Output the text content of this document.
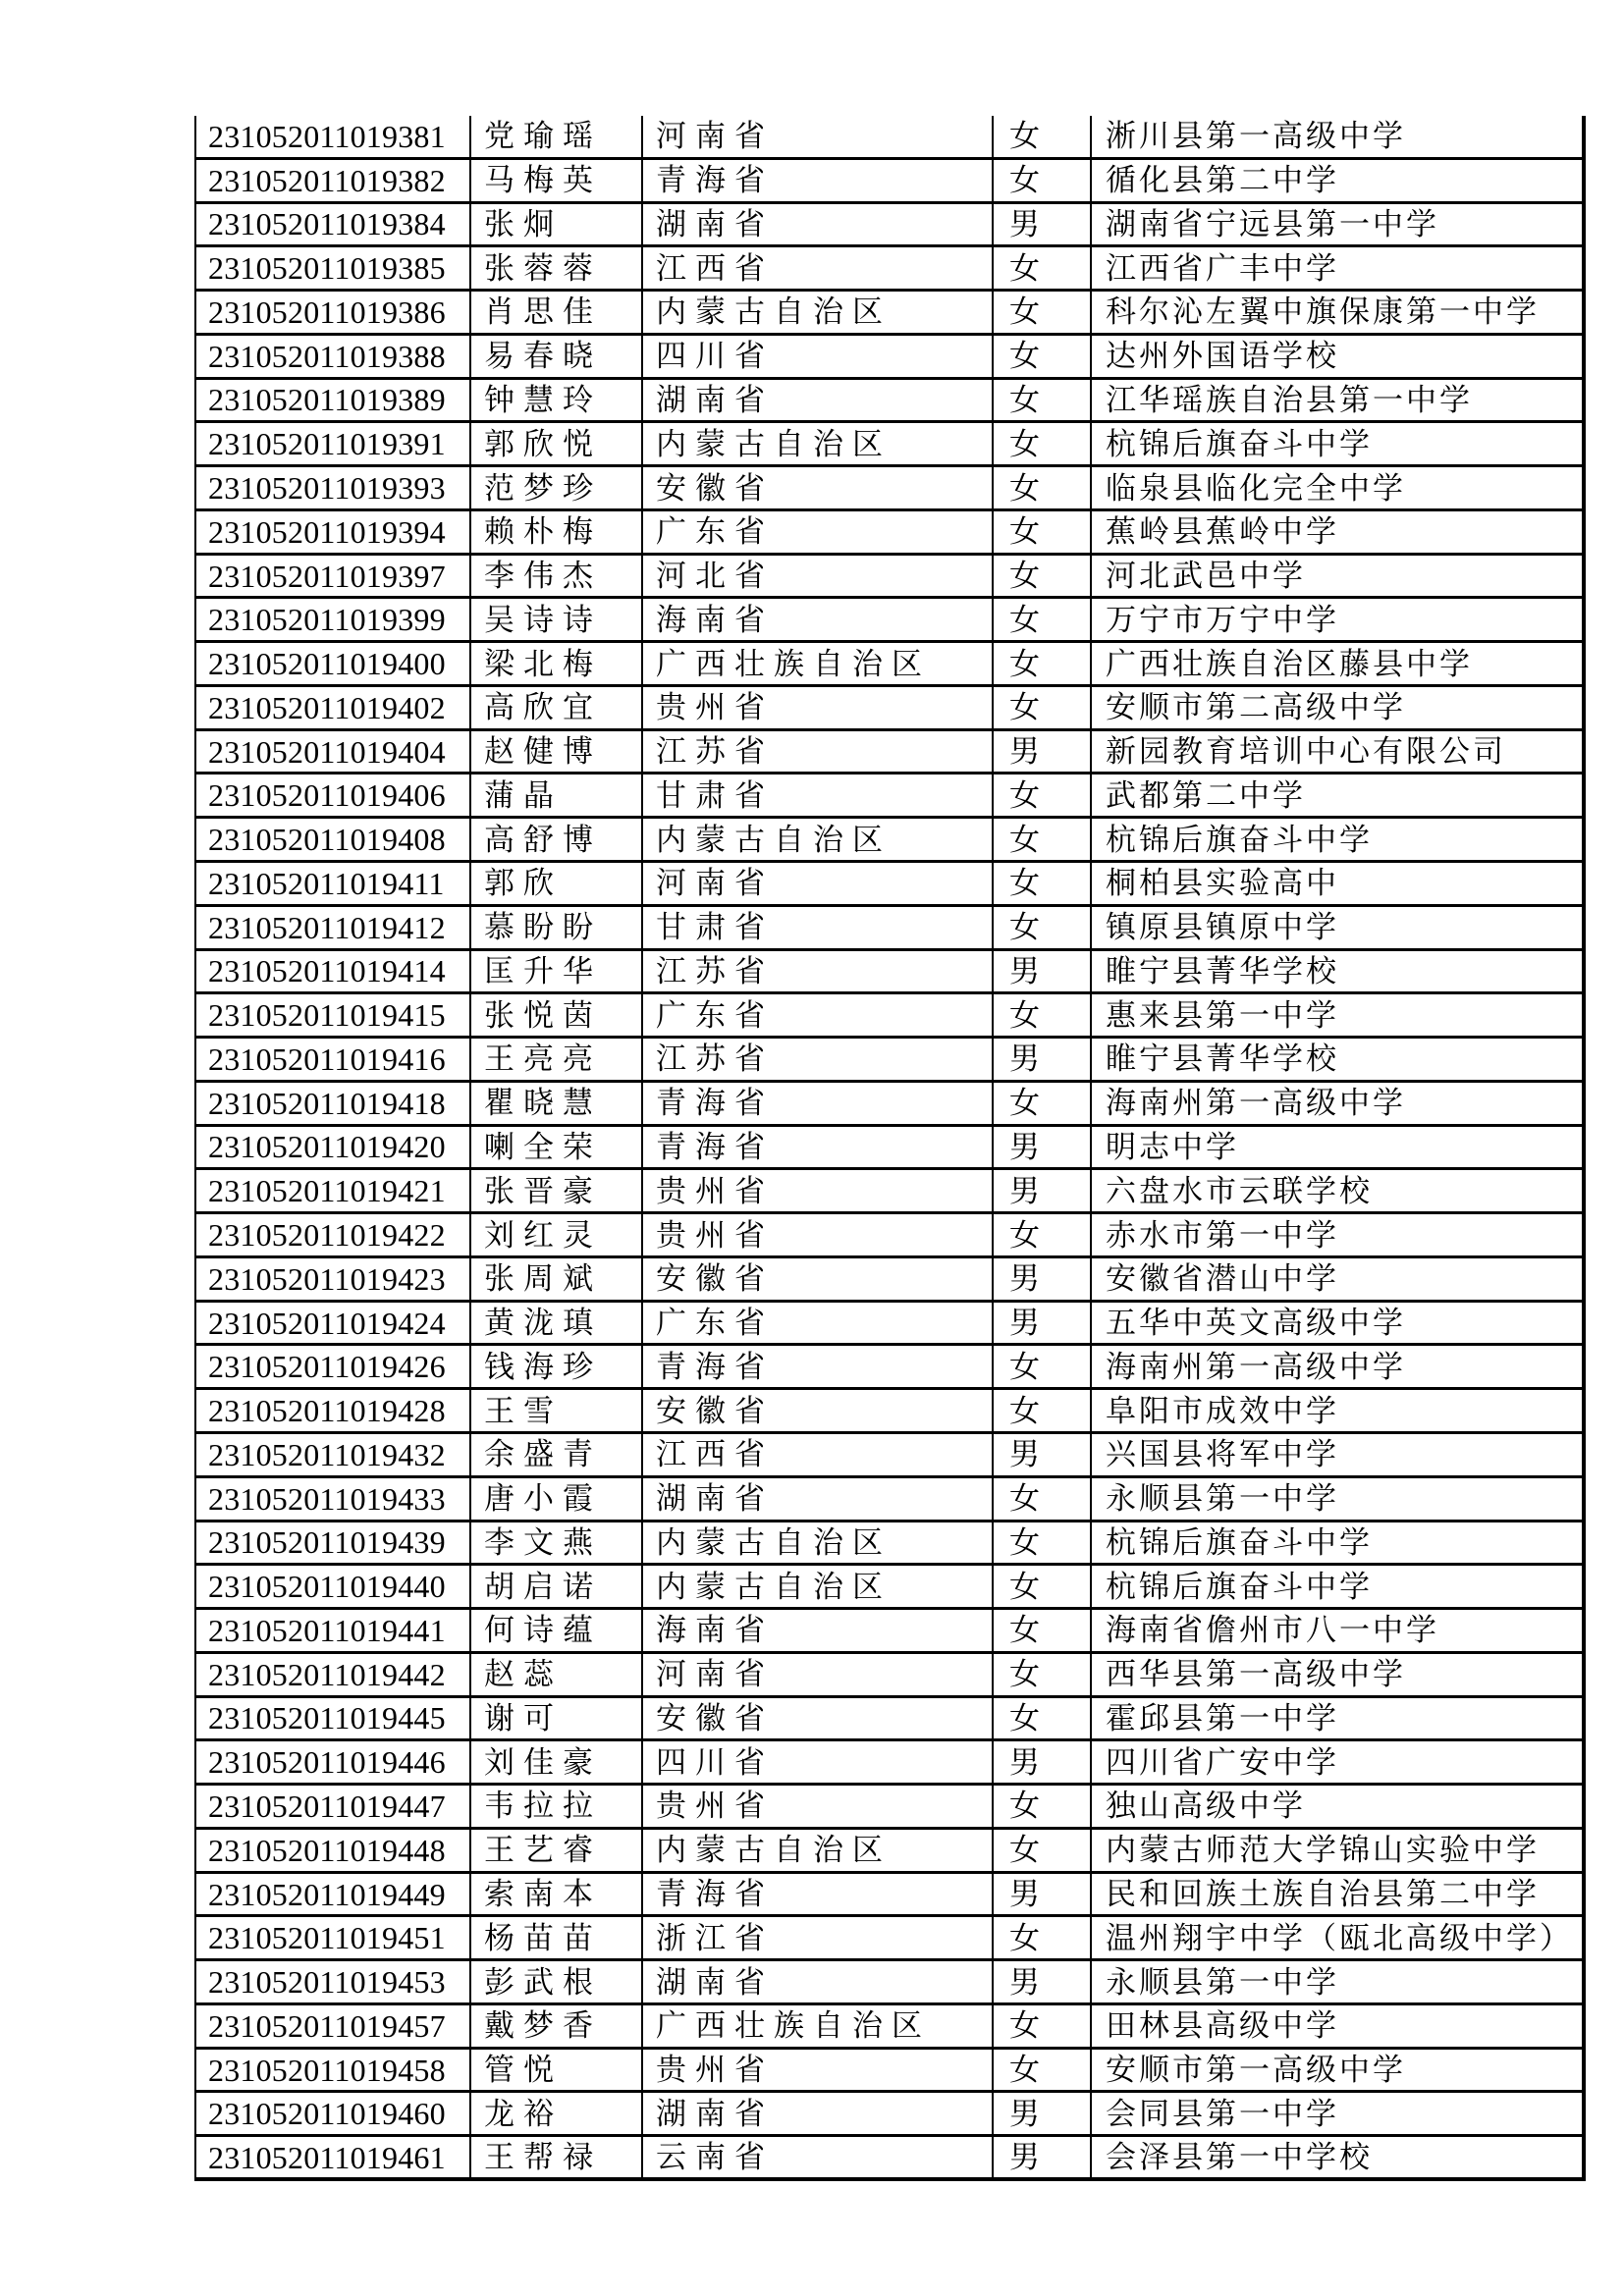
231052011019381 党瑜瑶 河南省	女 淅川县第一高级中学
231052011019382 马梅英 青海省	女 循化县第二中学
231052011019384 张炯	湖南省	男 湖南省宁远县第一中学
231052011019385 张蓉蓉 江西省	女 江西省广丰中学
231052011019386 肖思佳 内蒙古自治区	女 科尔沁左翼中旗保康第一中学
231052011019388 易春晓 四川省	女 达州外国语学校
231052011019389 钟慧玲 湖南省	女 江华瑶族自治县第一中学
231052011019391 郭欣悦 内蒙古自治区	女 杭锦后旗奋斗中学
231052011019393 范梦珍 安徽省	女 临泉县临化完全中学
231052011019394 赖朴梅 广东省	女 蕉岭县蕉岭中学
231052011019397 李伟杰 河北省	女 河北武邑中学
231052011019399 吴诗诗 海南省	女 万宁市万宁中学
231052011019400 梁北梅 广西壮族自治区	女 广西壮族自治区藤县中学
231052011019402 高欣宜 贵州省	女 安顺市第二高级中学
231052011019404 赵健博 江苏省	男 新园教育培训中心有限公司
231052011019406 蒲晶	甘肃省	女 武都第二中学
231052011019408 高舒博 内蒙古自治区	女 杭锦后旗奋斗中学
231052011019411 郭欣	河南省	女 桐柏县实验高中
231052011019412 慕盼盼 甘肃省	女 镇原县镇原中学
231052011019414 匡升华 江苏省	男 睢宁县菁华学校
231052011019415 张悦茵 广东省	女 惠来县第一中学
231052011019416 王亮亮 江苏省	男 睢宁县菁华学校
231052011019418 瞿晓慧 青海省	女 海南州第一高级中学
231052011019420 喇全荣 青海省	男 明志中学
231052011019421 张晋豪 贵州省	男 六盘水市云联学校
231052011019422 刘红灵 贵州省	女 赤水市第一中学
231052011019423 张周斌 安徽省	男 安徽省潜山中学
231052011019424 黄泷瑱 广东省	男 五华中英文高级中学
231052011019426 钱海珍 青海省	女 海南州第一高级中学
231052011019428 王雪	安徽省	女 阜阳市成效中学
231052011019432 余盛青 江西省	男 兴国县将军中学
231052011019433 唐小霞 湖南省	女 永顺县第一中学
231052011019439 李文燕 内蒙古自治区	女 杭锦后旗奋斗中学
231052011019440 胡启诺 内蒙古自治区	女 杭锦后旗奋斗中学
231052011019441 何诗蕴 海南省	女 海南省儋州市八一中学
231052011019442 赵蕊	河南省	女 西华县第一高级中学
231052011019445 谢可	安徽省	女 霍邱县第一中学
231052011019446 刘佳豪 四川省	男 四川省广安中学
231052011019447 韦拉拉 贵州省	女 独山高级中学
231052011019448 王艺睿 内蒙古自治区	女 内蒙古师范大学锦山实验中学
231052011019449 索南本 青海省	男 民和回族土族自治县第二中学
231052011019451 杨苗苗 浙江省	女 温州翔宇中学（瓯北高级中学）
231052011019453 彭武根 湖南省	男 永顺县第一中学
231052011019457 戴梦香 广西壮族自治区	女 田林县高级中学
231052011019458 管悦	贵州省	女 安顺市第一高级中学
231052011019460 龙裕	湖南省	男 会同县第一中学
231052011019461 王帮禄 云南省	男 会泽县第一中学校
